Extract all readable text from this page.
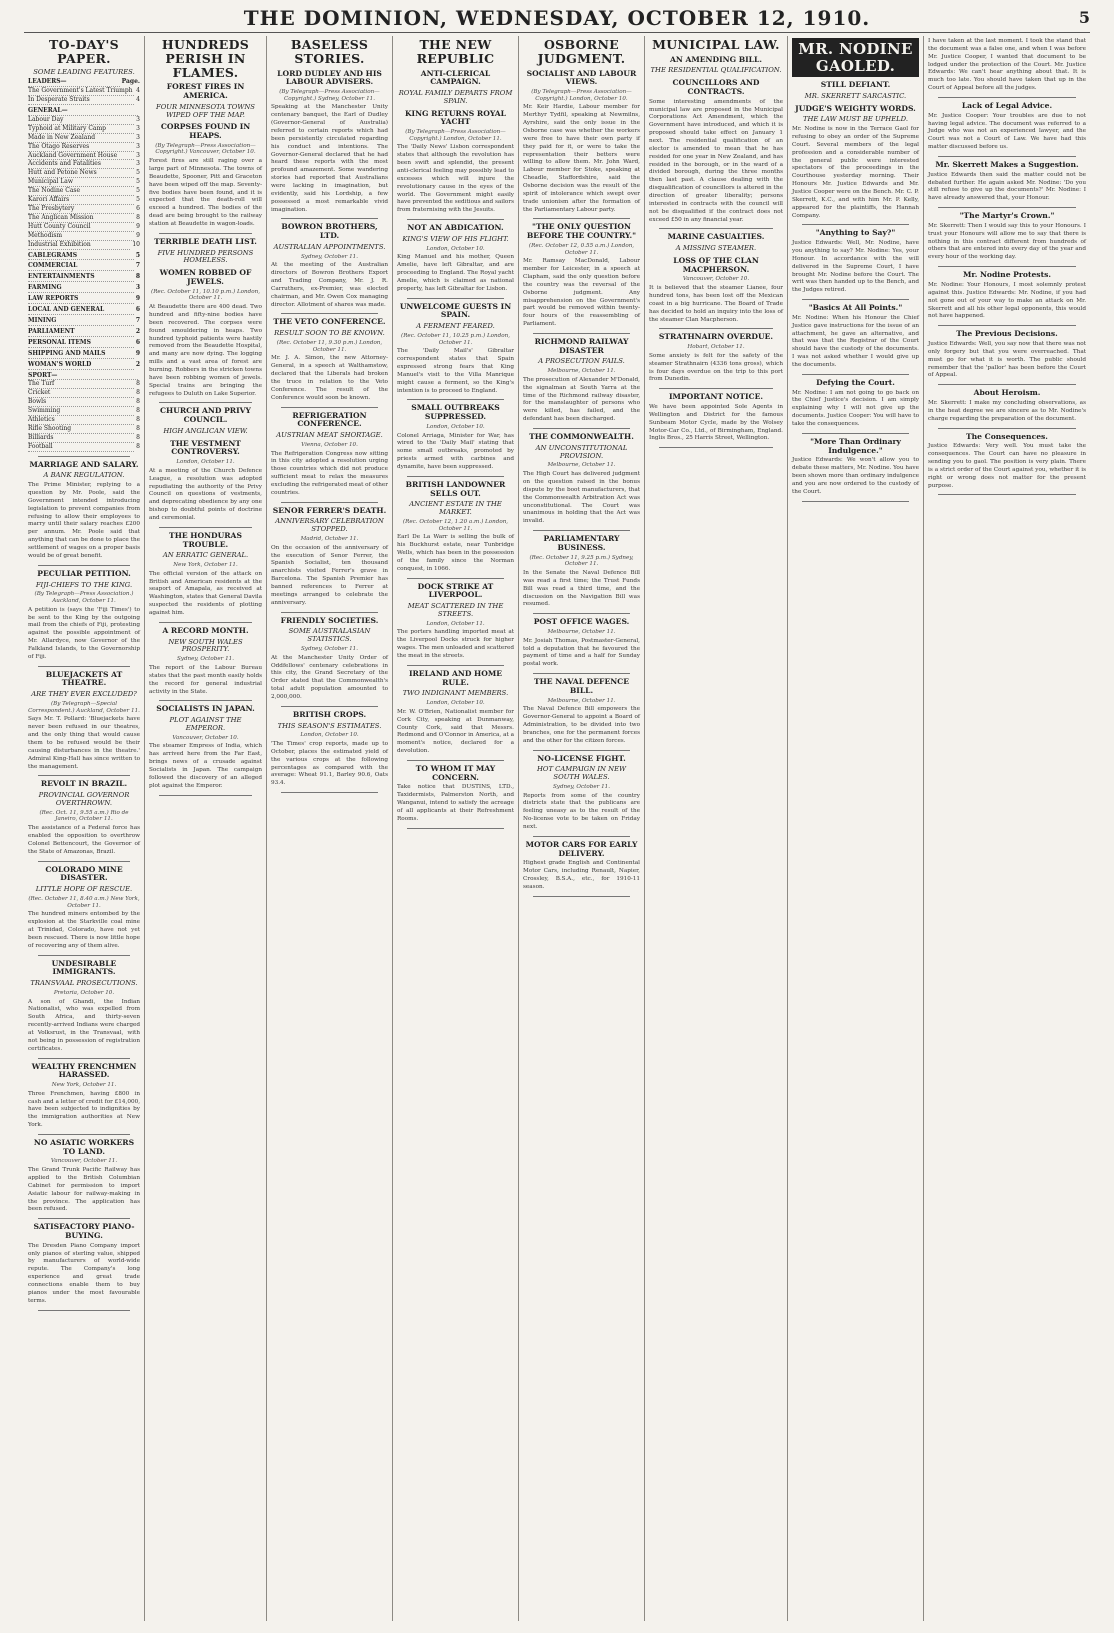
THE DOMINION, WEDNESDAY, OCTOBER 12, 1910.	5
TO-DAY'S PAPER.
SOME LEADING FEATURES.
LEADERS—	Page.
The Government's Latest Triumph 4
In Desperate Straits	4
GENERAL—
Labour Day	3
Typhoid at Military Camp	3
Made in New Zealand	3
The Otago Reserves	3
Auckland Government House	3
Accidents and Fatalities	3
Hutt and Petone News	5
Municipal Law	5
The Nodine Case	5
Karori Affairs	5
The Presbytery	6
The Anglican Mission	8
Hutt County Council	9
Methodism	9
Industrial Exhibition	10
CABLEGRAMS	5
COMMERCIAL	7
ENTERTAINMENTS	8
FARMING	3
LAW REPORTS	9
LOCAL AND GENERAL	6
MINING	7
PARLIAMENT	2
PERSONAL ITEMS	6
SHIPPING AND MAILS	9
WOMAN'S WORLD	2
SPORT—
The Turf	8
Cricket	8
Bowls	8
Swimming	8
Athletics	8
Rifle Shooting	8
Billiards	8
Football	8
MARRIAGE AND SALARY.
A BANK REGULATION.
The Prime Minister, replying to a question by Mr. Poole, said the Government intended introducing legislation to prevent companies from refusing to allow their employees to marry until their salary reaches £200 per annum. Mr. Poole said that anything that can be done to place the settlement of wages on a proper basis would be of great benefit.
PECULIAR PETITION.
FIJI-CHIEFS TO THE KING.
(By Telegraph—Press Association.) Auckland, October 11.
A petition is (says the 'Fiji Times') to be sent to the King by the outgoing mail from the chiefs of Fiji, protesting against the possible appointment of Mr. Allardyce, now Governor of the Falkland Islands, to the Governorship of Fiji.
BLUEJACKETS AT THEATRE.
ARE THEY EVER EXCLUDED?
(By Telegraph—Special Correspondent.) Auckland, October 11.
Says Mr. T. Pollard: 'Bluejackets have never been refused in our theatres, and the only thing that would cause them to be refused would be their causing disturbances in the theatre.' Admiral King-Hall has since written to the management.
REVOLT IN BRAZIL.
PROVINCIAL GOVERNOR OVERTHROWN.
(Rec. Oct. 11, 9.55 a.m.) Rio de Janeiro, October 11.
The assistance of a Federal force has enabled the opposition to overthrow Colonel Bettencourt, the Governor of the State of Amazonas, Brazil.
COLORADO MINE DISASTER.
LITTLE HOPE OF RESCUE.
(Rec. October 11, 8.40 a.m.) New York, October 11.
The hundred miners entombed by the explosion at the Starkville coal mine at Trinidad, Colorado, have not yet been rescued. There is now little hope of recovering any of them alive.
UNDESIRABLE IMMIGRANTS.
TRANSVAAL PROSECUTIONS.
Pretoria, October 10.
A son of Ghandi, the Indian Nationalist, who was expelled from South Africa, and thirty-seven recently-arrived Indians were charged at Volksrust, in the Transvaal, with not being in possession of registration certificates.
WEALTHY FRENCHMEN HARASSED.
New York, October 11.
Three Frenchmen, having £800 in cash and a letter of credit for £14,000, have been subjected to indignities by the immigration authorities at New York.
NO ASIATIC WORKERS TO LAND.
Vancouver, October 11.
The Grand Trunk Pacific Railway has applied to the British Columbian Cabinet for permission to import Asiatic labour for railway-making in the province. The application has been refused.
SATISFACTORY PIANO-BUYING.
The Dresden Piano Company import only pianos of sterling value, shipped by manufacturers of world-wide repute. The Company's long experience and great trade connections enable them to buy pianos under the most favourable terms.
HUNDREDS PERISH IN FLAMES.
FOREST FIRES IN AMERICA.
FOUR MINNESOTA TOWNS WIPED OFF THE MAP.
CORPSES FOUND IN HEAPS.
(By Telegraph—Press Association—Copyright.) Vancouver, October 10.
Forest fires are still raging over a large part of Minnesota. The towns of Beaudette, Spooner, Pitt and Graceton have been wiped off the map. Seventy-five bodies have been found, and it is expected that the death-roll will exceed a hundred. The bodies of the dead are being brought to the railway station at Beaudette in wagon-loads.
TERRIBLE DEATH LIST.
FIVE HUNDRED PERSONS HOMELESS.
WOMEN ROBBED OF JEWELS.
(Rec. October 11, 10.10 p.m.) London, October 11.
At Beaudette there are 400 dead. Two hundred and fifty-nine bodies have been recovered. The corpses were found smouldering in heaps. Two hundred typhoid patients were hastily removed from the Beaudette Hospital, and many are now dying. The logging mills and a vast area of forest are burning. Robbers in the stricken towns have been robbing women of jewels. Special trains are bringing the refugees to Duluth on Lake Superior.
CHURCH AND PRIVY COUNCIL.
HIGH ANGLICAN VIEW.
THE VESTMENT CONTROVERSY.
London, October 11.
At a meeting of the Church Defence League, a resolution was adopted repudiating the authority of the Privy Council on questions of vestments, and deprecating obedience by any one bishop to doubtful points of doctrine and ceremonial.
THE HONDURAS TROUBLE.
AN ERRATIC GENERAL.
New York, October 11.
The official version of the attack on British and American residents at the seaport of Amapala, as received at Washington, states that General Davila suspected the residents of plotting against him.
A RECORD MONTH.
NEW SOUTH WALES PROSPERITY.
Sydney, October 11.
The report of the Labour Bureau states that the past month easily holds the record for general industrial activity in the State.
SOCIALISTS IN JAPAN.
PLOT AGAINST THE EMPEROR.
Vancouver, October 10.
The steamer Empress of India, which has arrived here from the Far East, brings news of a crusade against Socialists in Japan. The campaign followed the discovery of an alleged plot against the Emperor.
BASELESS STORIES.
LORD DUDLEY AND HIS LABOUR ADVISERS.
(By Telegraph—Press Association—Copyright.) Sydney, October 11.
Speaking at the Manchester Unity centenary banquet, the Earl of Dudley (Governor-General of Australia) referred to certain reports which had been persistently circulated regarding his conduct and intentions. The Governor-General declared that he had heard these reports with the most profound amazement. Some wandering stories had reported that Australians were lacking in imagination, but evidently, said his Lordship, a few possessed a most remarkable vivid imagination.
BOWRON BROTHERS, LTD.
AUSTRALIAN APPOINTMENTS.
Sydney, October 11.
At the meeting of the Australian directors of Bowron Brothers Export and Trading Company, Mr. J. R. Carruthers, ex-Premier, was elected chairman, and Mr. Owen Cox managing director. Allotment of shares was made.
THE VETO CONFERENCE.
RESULT SOON TO BE KNOWN.
(Rec. October 11, 9.30 p.m.) London, October 11.
Mr. J. A. Simon, the new Attorney-General, in a speech at Walthamstow, declared that the Liberals had broken the truce in relation to the Veto Conference. The result of the Conference would soon be known.
REFRIGERATION CONFERENCE.
AUSTRIAN MEAT SHORTAGE.
Vienna, October 10.
The Refrigeration Congress now sitting in this city adopted a resolution urging those countries which did not produce sufficient meat to relax the measures excluding the refrigerated meat of other countries.
SENOR FERRER'S DEATH.
ANNIVERSARY CELEBRATION STOPPED.
Madrid, October 11.
On the occasion of the anniversary of the execution of Senor Ferrer, the Spanish Socialist, ten thousand anarchists visited Ferrer's grave in Barcelona. The Spanish Premier has banned references to Ferrer at meetings arranged to celebrate the anniversary.
FRIENDLY SOCIETIES.
SOME AUSTRALASIAN STATISTICS.
Sydney, October 11.
At the Manchester Unity Order of Oddfellows' centenary celebrations in this city, the Grand Secretary of the Order stated that the Commonwealth's total adult population amounted to 2,000,000.
BRITISH CROPS.
THIS SEASON'S ESTIMATES.
London, October 10.
'The Times' crop reports, made up to October, places the estimated yield of the various crops at the following percentages as compared with the average: Wheat 91.1, Barley 90.6, Oats 93.4.
THE NEW REPUBLIC
ANTI-CLERICAL CAMPAIGN.
ROYAL FAMILY DEPARTS FROM SPAIN.
KING RETURNS ROYAL YACHT
(By Telegraph—Press Association—Copyright.) London, October 11.
The 'Daily News' Lisbon correspondent states that although the revolution has been swift and splendid, the present anti-clerical feeling may possibly lead to excesses which will injure the revolutionary cause in the eyes of the world. The Government might easily have prevented the seditious and sailors from fraternising with the Jesuits.
NOT AN ABDICATION.
KING'S VIEW OF HIS FLIGHT.
London, October 10.
King Manuel and his mother, Queen Amelie, have left Gibraltar, and are proceeding to England. The Royal yacht Amelie, which is claimed as national property, has left Gibraltar for Lisbon.
UNWELCOME GUESTS IN SPAIN.
A FERMENT FEARED.
(Rec. October 11, 10.25 p.m.) London, October 11.
The 'Daily Mail's' Gibraltar correspondent states that Spain expressed strong fears that King Manuel's visit to the Villa Manrique might cause a ferment, so the King's intention is to proceed to England.
SMALL OUTBREAKS SUPPRESSED.
London, October 10.
Colonel Arriaga, Minister for War, has wired to the 'Daily Mail' stating that some small outbreaks, promoted by priests armed with carbines and dynamite, have been suppressed.
BRITISH LANDOWNER SELLS OUT.
ANCIENT ESTATE IN THE MARKET.
(Rec. October 12, 1.20 a.m.) London, October 11.
Earl De La Warr is selling the bulk of his Buckhurst estate, near Tunbridge Wells, which has been in the possession of the family since the Norman conquest, in 1066.
DOCK STRIKE AT LIVERPOOL.
MEAT SCATTERED IN THE STREETS.
London, October 11.
The porters handling imported meat at the Liverpool Docks struck for higher wages. The men unloaded and scattered the meat in the streets.
IRELAND AND HOME RULE.
TWO INDIGNANT MEMBERS.
London, October 10.
Mr. W. O'Brien, Nationalist member for Cork City, speaking at Dunmanway, County Cork, said that Messrs. Redmond and O'Connor in America, at a moment's notice, declared for a devolution.
TO WHOM IT MAY CONCERN.
Take notice that DUSTINS, LTD., Taxidermists, Palmerston North, and Wanganui, intend to satisfy the acreage of all applicants at their Refreshment Rooms.
OSBORNE JUDGMENT.
SOCIALIST AND LABOUR VIEWS.
(By Telegraph—Press Association—Copyright.) London, October 10.
Mr. Keir Hardie, Labour member for Merthyr Tydfil, speaking at Newmilns, Ayrshire, said the only issue in the Osborne case was whether the workers were free to have their own party if they paid for it, or were to take the representation their betters were willing to allow them. Mr. John Ward, Labour member for Stoke, speaking at Cheadle, Staffordshire, said the Osborne decision was the result of the spirit of intolerance which swept over trade unionism after the formation of the Parliamentary Labour party.
"THE ONLY QUESTION BEFORE THE COUNTRY."
(Rec. October 12, 0.55 a.m.) London, October 11.
Mr. Ramsay MacDonald, Labour member for Leicester, in a speech at Clapham, said the only question before the country was the reversal of the Osborne judgment. Any misapprehension on the Government's part would be removed within twenty-four hours of the reassembling of Parliament.
RICHMOND RAILWAY DISASTER
A PROSECUTION FAILS.
Melbourne, October 11.
The prosecution of Alexander M'Donald, the signalman at South Yarra at the time of the Richmond railway disaster, for the manslaughter of persons who were killed, has failed, and the defendant has been discharged.
THE COMMONWEALTH.
AN UNCONSTITUTIONAL PROVISION.
Melbourne, October 11.
The High Court has delivered judgment on the question raised in the bonus dispute by the boot manufacturers, that the Commonwealth Arbitration Act was unconstitutional. The Court was unanimous in holding that the Act was invalid.
PARLIAMENTARY BUSINESS.
(Rec. October 11, 9.25 p.m.) Sydney, October 11.
In the Senate the Naval Defence Bill was read a first time; the Trust Funds Bill was read a third time, and the discussion on the Navigation Bill was resumed.
POST OFFICE WAGES.
Melbourne, October 11.
Mr. Josiah Thomas, Postmaster-General, told a deputation that he favoured the payment of time and a half for Sunday postal work.
THE NAVAL DEFENCE BILL.
Melbourne, October 11.
The Naval Defence Bill empowers the Governor-General to appoint a Board of Administration, to be divided into two branches, one for the permanent forces and the other for the citizen forces.
NO-LICENSE FIGHT.
HOT CAMPAIGN IN NEW SOUTH WALES.
Sydney, October 11.
Reports from some of the country districts state that the publicans are feeling uneasy as to the result of the No-license vote to be taken on Friday next.
MOTOR CARS FOR EARLY DELIVERY.
Highest grade English and Continental Motor Cars, including Renault, Napier, Crossley, B.S.A., etc., for 1910-11 season.
MUNICIPAL LAW.
AN AMENDING BILL.
THE RESIDENTIAL QUALIFICATION.
COUNCILLORS AND CONTRACTS.
Some interesting amendments of the municipal law are proposed in the Municipal Corporations Act Amendment, which the Government have introduced, and which it is proposed should take effect on January 1 next. The residential qualification of an elector is amended to mean that he has resided for one year in New Zealand, and has resided in the borough, or in the ward of a divided borough, during the three months then last past. A clause dealing with the disqualification of councillors is altered in the direction of greater liberality; persons interested in contracts with the council will not be disqualified if the contract does not exceed £50 in any financial year.
MARINE CASUALTIES.
A MISSING STEAMER.
LOSS OF THE CLAN MACPHERSON.
Vancouver, October 10.
It is believed that the steamer Lianee, four hundred tons, has been lost off the Mexican coast in a big hurricane. The Board of Trade has decided to hold an inquiry into the loss of the steamer Clan Macpherson.
STRATHNAIRN OVERDUE.
Hobart, October 11.
Some anxiety is felt for the safety of the steamer Strathnairn (4336 tons gross), which is four days overdue on the trip to this port from Dunedin.
IMPORTANT NOTICE.
We have been appointed Sole Agents in Wellington and District for the famous Sunbeam Motor Cycle, made by the Wolsey Motor-Car Co., Ltd., of Birmingham, England. Inglis Bros., 25 Harris Street, Wellington.
MR. NODINE GAOLED.
STILL DEFIANT.
MR. SKERRETT SARCASTIC.
JUDGE'S WEIGHTY WORDS.
THE LAW MUST BE UPHELD.
Mr. Nodine is now in the Terrace Gaol for refusing to obey an order of the Supreme Court. Several members of the legal profession and a considerable number of the general public were interested spectators of the proceedings in the Courthouse yesterday morning. Their Honours Mr. Justice Edwards and Mr. Justice Cooper were on the Bench. Mr. C. P. Skerrett, K.C., and with him Mr. P. Kelly, appeared for the plaintiffs, the Hannah Company.
"Anything to Say?"
Justice Edwards: Well, Mr. Nodine, have you anything to say? Mr. Nodine: Yes, your Honour. In accordance with the will delivered in the Supreme Court, I have brought Mr. Nodine before the Court. The writ was then handed up to the Bench, and the Judges retired.
"Basics At All Points."
Mr. Nodine: When his Honour the Chief Justice gave instructions for the issue of an attachment, he gave an alternative, and that was that the Registrar of the Court should have the custody of the documents. I was not asked whether I would give up the documents.
Defying the Court.
Mr. Nodine: I am not going to go back on the Chief Justice's decision. I am simply explaining why I will not give up the documents. Justice Cooper: You will have to take the consequences.
"More Than Ordinary Indulgence."
Justice Edwards: We won't allow you to debate these matters, Mr. Nodine. You have been shown more than ordinary indulgence and you are now ordered to the custody of the Court.
I have taken at the last moment. I took the stand that the document was a false one, and when I was before Mr. Justice Cooper, I wanted that document to be lodged under the protection of the Court. Mr. Justice Edwards: We can't hear anything about that. It is much too late. You should have taken that up in the Court of Appeal before all the judges.
Lack of Legal Advice.
Mr. Justice Cooper: Your troubles are due to not having legal advice. The document was referred to a Judge who was not an experienced lawyer, and the Court was not a Court of Law. We have had this matter discussed before us.
Mr. Skerrett Makes a Suggestion.
Justice Edwards then said the matter could not be debated further. He again asked Mr. Nodine: 'Do you still refuse to give up the documents?' Mr. Nodine: I have already answered that, your Honour.
"The Martyr's Crown."
Mr. Skerrett: Then I would say this to your Honours. I trust your Honours will allow me to say that there is nothing in this contract different from hundreds of others that are entered into every day of the year and every hour of the working day.
Mr. Nodine Protests.
Mr. Nodine: Your Honours, I most solemnly protest against this. Justice Edwards: Mr. Nodine, if you had not gone out of your way to make an attack on Mr. Skerrett and all his other legal opponents, this would not have happened.
The Previous Decisions.
Justice Edwards: Well, you say now that there was not only forgery but that you were overreached. That must go for what it is worth. The public should remember that the 'pallor' has been before the Court of Appeal.
About Heroism.
Mr. Skerrett: I make my concluding observations, as in the heat degree we are sincere as to Mr. Nodine's charge regarding the preparation of the document.
The Consequences.
Justice Edwards: Very well. You must take the consequences. The Court can have no pleasure in sending you to gaol. The position is very plain. There is a strict order of the Court against you, whether it is right or wrong does not matter for the present purpose.
